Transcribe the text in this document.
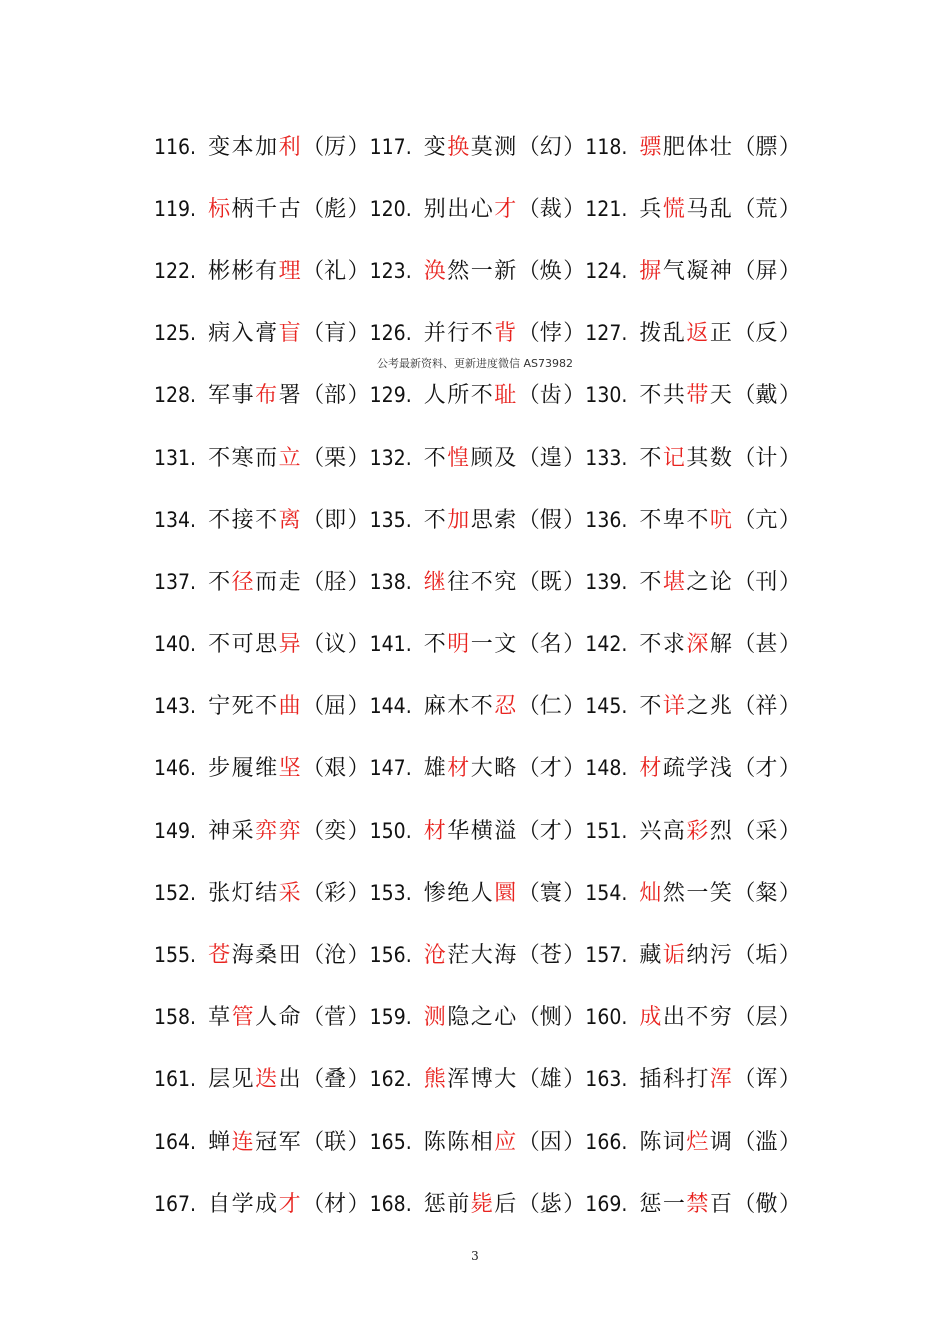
116. 变本加利（厉） 117. 变换莫测（幻） 118. 骠肥体壮（膘）
119. 标柄千古（彪） 120. 别出心才（裁） 121. 兵慌马乱（荒）
122. 彬彬有理（礼） 123. 涣然一新（焕） 124. 摒气凝神（屏）
125. 病入膏盲（肓） 126. 并行不背（悖） 127. 拨乱返正（反）
128. 军事布署（部） 129. 人所不耻（齿） 130. 不共带天（戴）
131. 不寒而立（栗） 132. 不惶顾及（遑） 133. 不记其数（计）
134. 不接不离（即） 135. 不加思索（假） 136. 不卑不吭（亢）
137. 不径而走（胫） 138. 继往不究（既） 139. 不堪之论（刊）
140. 不可思异（议） 141. 不明一文（名） 142. 不求深解（甚）
143. 宁死不曲（屈） 144. 麻木不忍（仁） 145. 不详之兆（祥）
146. 步履维坚（艰） 147. 雄材大略（才） 148. 材疏学浅（才）
149. 神采弈弈（奕） 150. 材华横溢（才） 151. 兴高彩烈（采）
152. 张灯结采（彩） 153. 惨绝人圜（寰） 154. 灿然一笑（粲）
155. 苍海桑田（沧） 156. 沧茫大海（苍） 157. 藏诟纳污（垢）
158. 草管人命（菅） 159. 测隐之心（恻） 160. 成出不穷（层）
161. 层见迭出（叠） 162. 熊浑博大（雄） 163. 插科打浑（诨）
164. 蝉连冠军（联） 165. 陈陈相应（因） 166. 陈词烂调（滥）
167. 自学成才（材） 168. 惩前毙后（毖） 169. 惩一禁百（儆）
公考最新资料、更新进度微信 AS73982
3
